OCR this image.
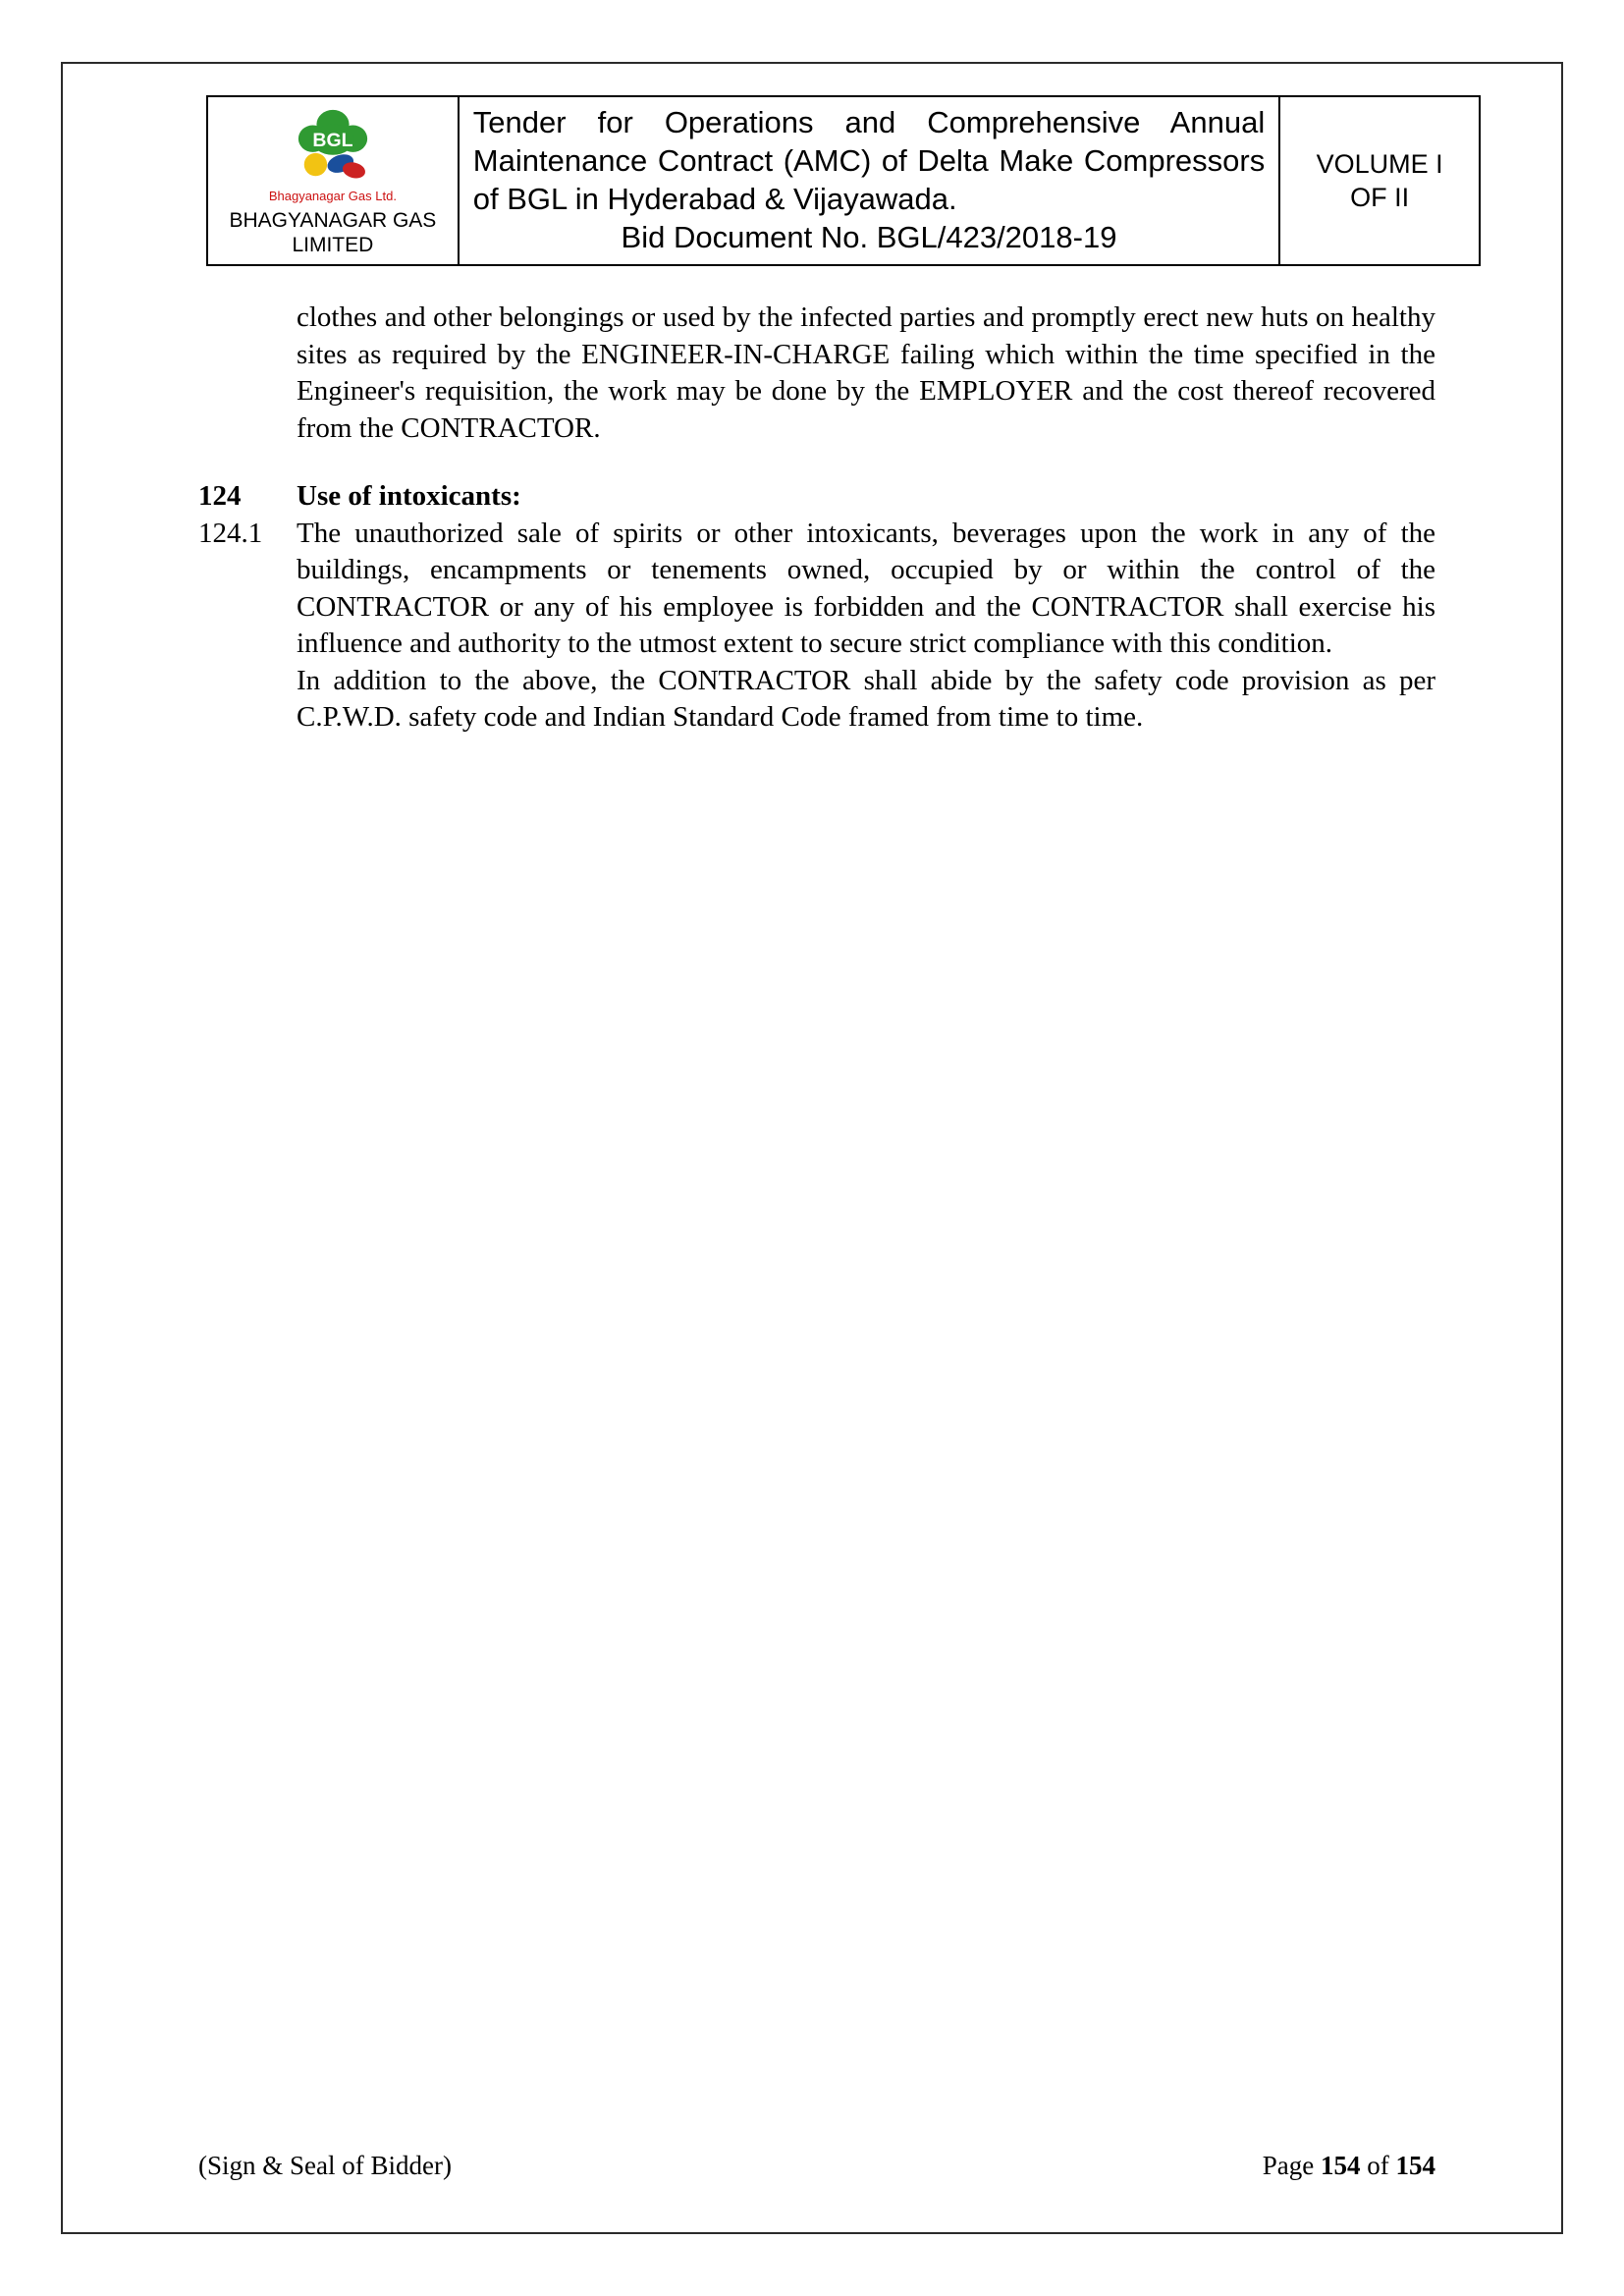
BGL
Bhagyanagar Gas Ltd.
BHAGYANAGAR GAS
LIMITED

Tender for Operations and Comprehensive Annual Maintenance Contract (AMC) of Delta Make Compressors of BGL in Hyderabad & Vijayawada.
Bid Document No. BGL/423/2018-19

VOLUME I
OF II
clothes and other belongings or used by the infected parties and promptly erect new huts on healthy sites as required by the ENGINEER-IN-CHARGE failing which within the time specified in the Engineer's requisition, the work may be done by the EMPLOYER and the cost thereof recovered from the CONTRACTOR.
124	Use of intoxicants:
124.1	The unauthorized sale of spirits or other intoxicants, beverages upon the work in any of the buildings, encampments or tenements owned, occupied by or within the control of the CONTRACTOR or any of his employee is forbidden and the CONTRACTOR shall exercise his influence and authority to the utmost extent to secure strict compliance with this condition.
In addition to the above, the CONTRACTOR shall abide by the safety code provision as per C.P.W.D. safety code and Indian Standard Code framed from time to time.
(Sign & Seal of Bidder)	Page 154 of 154
